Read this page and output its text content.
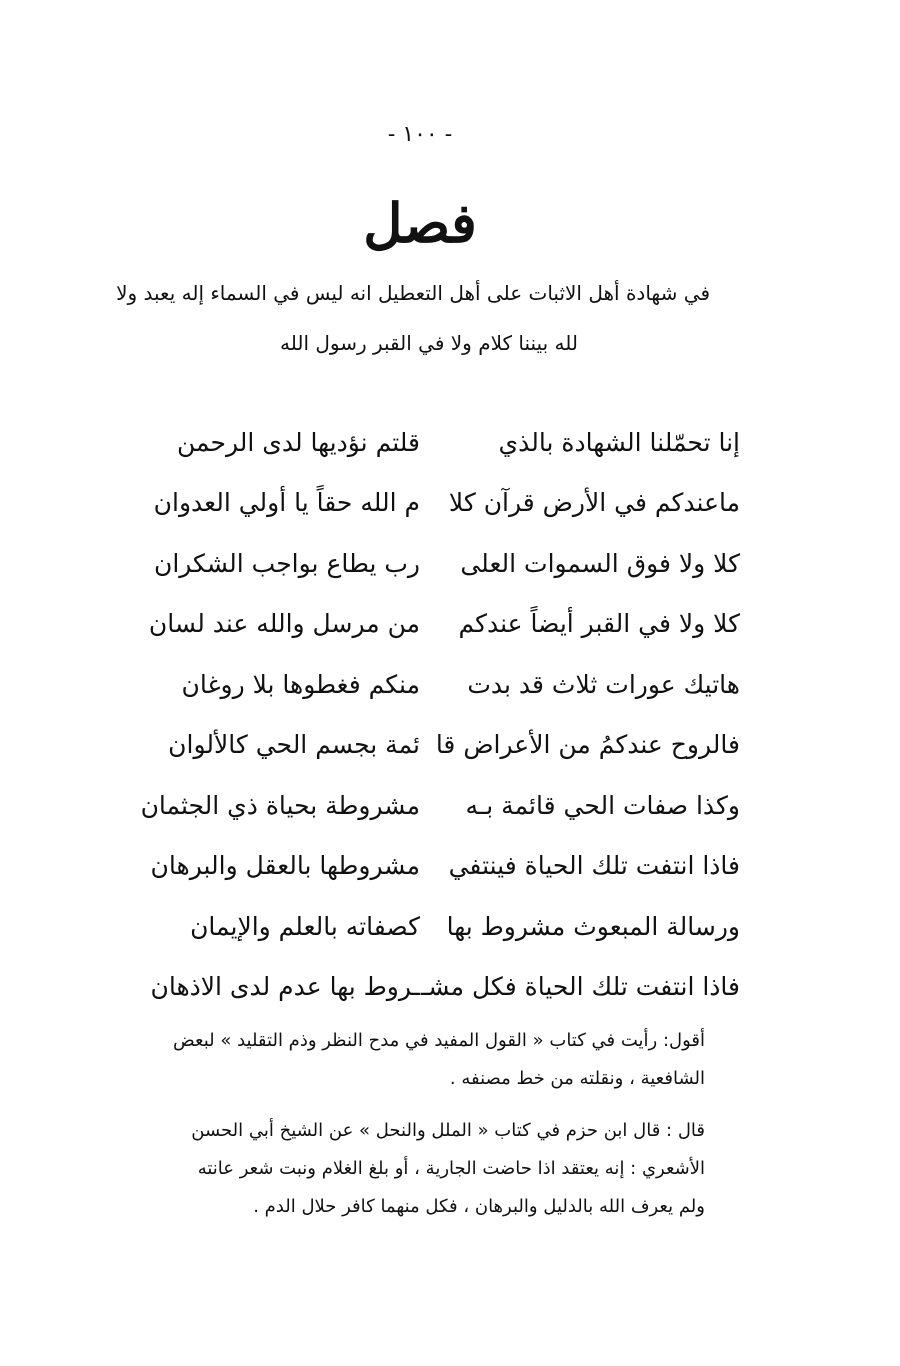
- ١٠٠ -
فصل
في شهادة أهل الاثبات على أهل التعطيل انه ليس في السماء إله يعبد ولا
لله بيننا كلام ولا في القبر رسول الله
إنا تحمّلنا الشهادة بالذي
قلتم نؤديها لدى الرحمن
ماعندكم في الأرض قرآن كلا
م الله حقاً يا أولي العدوان
كلا ولا فوق السموات العلى
رب يطاع بواجب الشكران
كلا ولا في القبر أيضاً عندكم
من مرسل والله عند لسان
هاتيك عورات ثلاث قد بدت
منكم فغطوها بلا روغان
فالروح عندكمُ من الأعراض قا
ئمة بجسم الحي كالألوان
وكذا صفات الحي قائمة بـه
مشروطة بحياة ذي الجثمان
فاذا انتفت تلك الحياة فينتفي
مشروطها بالعقل والبرهان
ورسالة المبعوث مشروط بها
كصفاته بالعلم والإيمان
فاذا انتفت تلك الحياة فكل مشـ
ـروط بها عدم لدى الاذهان

أقول: رأيت في كتاب « القول المفيد في مدح النظر وذم التقليد » لبعض

الشافعية ، ونقلته من خط مصنفه .

قال : قال ابن حزم في كتاب « الملل والنحل » عن الشيخ أبي الحسن

الأشعري : إنه يعتقد اذا حاضت الجارية ، أو بلغ الغلام ونبت شعر عانته

ولم يعرف الله بالدليل والبرهان ، فكل منهما كافر حلال الدم .
